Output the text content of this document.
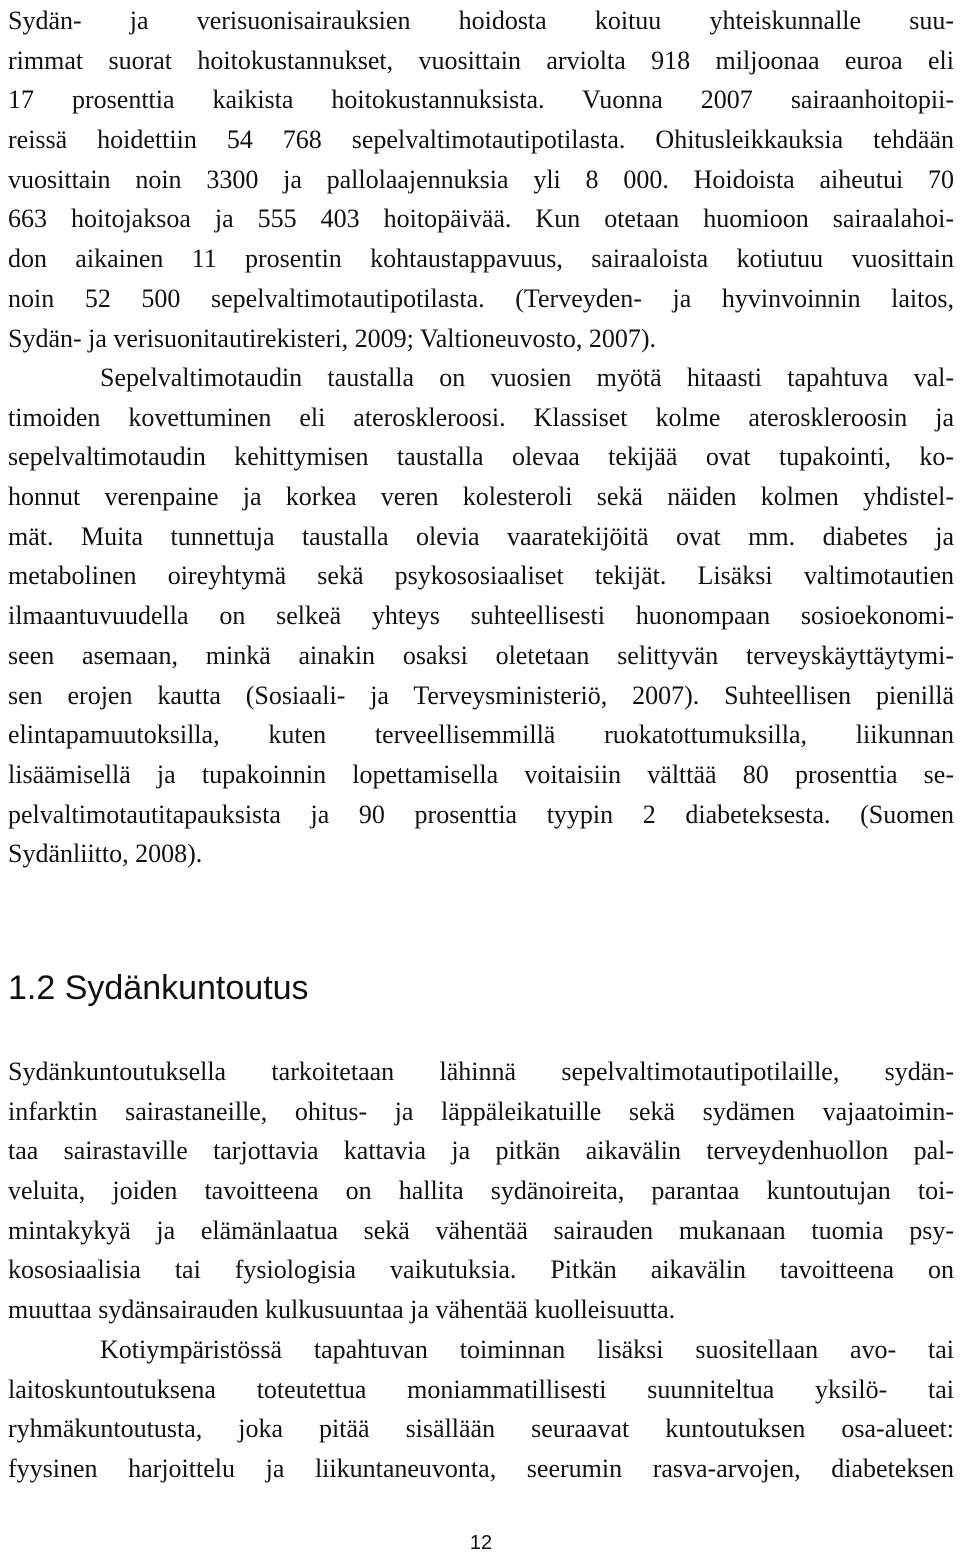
Sydän- ja verisuonisairauksien hoidosta koituu yhteiskunnalle suu-
rimmat suorat hoitokustannukset, vuosittain arviolta 918 miljoonaa euroa eli
17 prosenttia kaikista hoitokustannuksista. Vuonna 2007 sairaanhoitopii-
reissä hoidettiin 54 768 sepelvaltimotautipotilasta. Ohitusleikkauksia tehdään
vuosittain noin 3300 ja pallolaajennuksia yli 8 000. Hoidoista aiheutui 70
663 hoitojaksoa ja 555 403 hoitopäivää. Kun otetaan huomioon sairaalahoi-
don aikainen 11 prosentin kohtaustappavuus, sairaaloista kotiutuu vuosittain
noin 52 500 sepelvaltimotautipotilasta. (Terveyden- ja hyvinvoinnin laitos,
Sydän- ja verisuonitautirekisteri, 2009; Valtioneuvosto, 2007).
Sepelvaltimotaudin taustalla on vuosien myötä hitaasti tapahtuva val-
timoiden kovettuminen eli ateroskleroosi. Klassiset kolme ateroskleroosin ja
sepelvaltimotaudin kehittymisen taustalla olevaa tekijää ovat tupakointi, ko-
honnut verenpaine ja korkea veren kolesteroli sekä näiden kolmen yhdistel-
mät. Muita tunnettuja taustalla olevia vaaratekijöitä ovat mm. diabetes ja
metabolinen oireyhtymä sekä psykososiaaliset tekijät. Lisäksi valtimotautien
ilmaantuvuudella on selkeä yhteys suhteellisesti huonompaan sosioekonomi-
seen asemaan, minkä ainakin osaksi oletetaan selittyvän terveyskäyttäytymi-
sen erojen kautta (Sosiaali- ja Terveysministeriö, 2007). Suhteellisen pienillä
elintapamuutoksilla, kuten terveellisemmillä ruokatottumuksilla, liikunnan
lisäämisellä ja tupakoinnin lopettamisella voitaisiin välttää 80 prosenttia se-
pelvaltimotautitapauksista ja 90 prosenttia tyypin 2 diabeteksesta. (Suomen
Sydänliitto, 2008).
1.2 Sydänkuntoutus
Sydänkuntoutuksella tarkoitetaan lähinnä sepelvaltimotautipotilaille, sydän-
infarktin sairastaneille, ohitus- ja läppäleikatuille sekä sydämen vajaatoimin-
taa sairastaville tarjottavia kattavia ja pitkän aikavälin terveydenhuollon pal-
veluita, joiden tavoitteena on hallita sydänoireita, parantaa kuntoutujan toi-
mintakykyä ja elämänlaatua sekä vähentää sairauden mukanaan tuomia psy-
kososiaalisia tai fysiologisia vaikutuksia. Pitkän aikavälin tavoitteena on
muuttaa sydänsairauden kulkusuuntaa ja vähentää kuolleisuutta.
Kotiympäristössä tapahtuvan toiminnan lisäksi suositellaan avo- tai
laitoskuntoutuksena toteutettua moniammatillisesti suunniteltua yksilö- tai
ryhmäkuntoutusta, joka pitää sisällään seuraavat kuntoutuksen osa-alueet:
fyysinen harjoittelu ja liikuntaneuvonta, seerumin rasva-arvojen, diabeteksen
12
